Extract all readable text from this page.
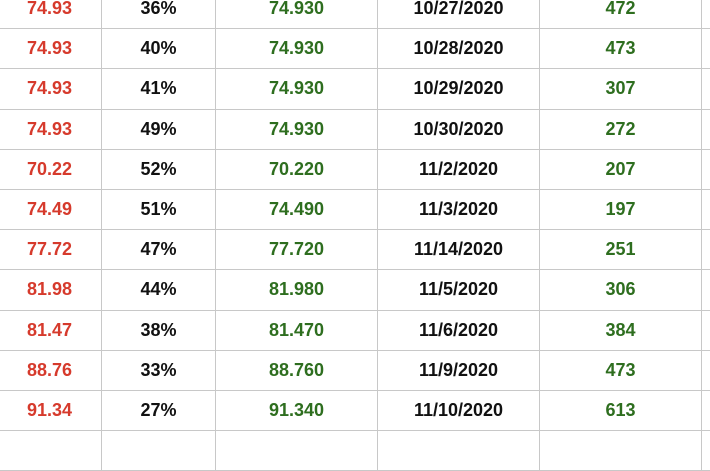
74.93	36%	74.930	10/27/2020	472
74.93	40%	74.930	10/28/2020	473
74.93	41%	74.930	10/29/2020	307
74.93	49%	74.930	10/30/2020	272
70.22	52%	70.220	11/2/2020	207
74.49	51%	74.490	11/3/2020	197
77.72	47%	77.720	11/14/2020	251
81.98	44%	81.980	11/5/2020	306
81.47	38%	81.470	11/6/2020	384
88.76	33%	88.760	11/9/2020	473
91.34	27%	91.340	11/10/2020	613
